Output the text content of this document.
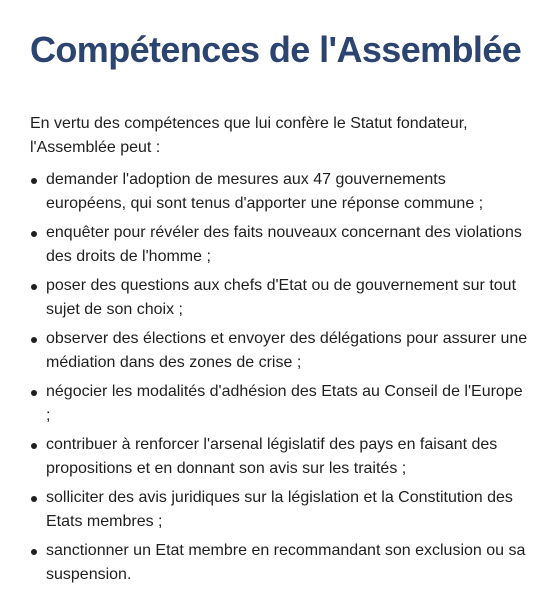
Compétences de l'Assemblée

En vertu des compétences que lui confère le Statut fondateur, l'Assemblée peut :

demander l'adoption de mesures aux 47 gouvernements européens, qui sont tenus d'apporter une réponse commune ;
enquêter pour révéler des faits nouveaux concernant des violations des droits de l'homme ;
poser des questions aux chefs d'Etat ou de gouvernement sur tout sujet de son choix ;
observer des élections et envoyer des délégations pour assurer une médiation dans des zones de crise ;
négocier les modalités d'adhésion des Etats au Conseil de l'Europe ;
contribuer à renforcer l'arsenal législatif des pays en faisant des propositions et en donnant son avis sur les traités ;
solliciter des avis juridiques sur la législation et la Constitution des Etats membres ;
sanctionner un Etat membre en recommandant son exclusion ou sa suspension.
